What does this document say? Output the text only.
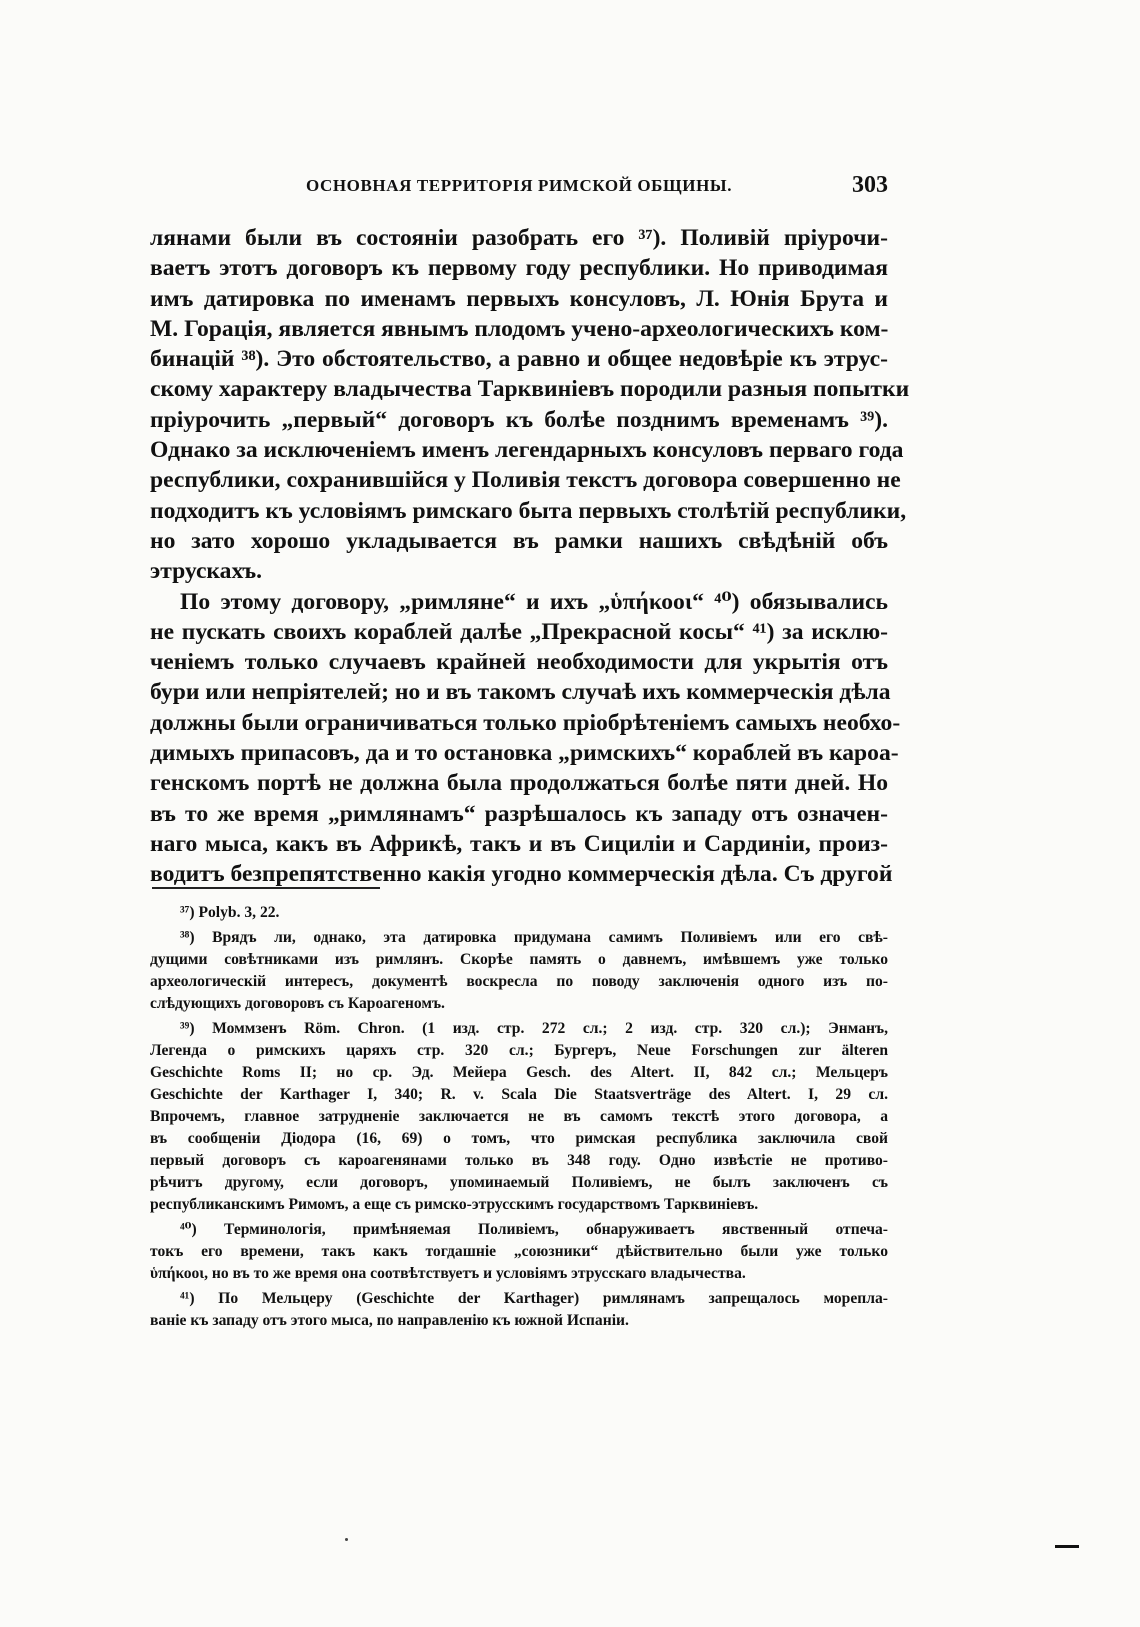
ОСНОВНАЯ ТЕРРИТОРІЯ РИМСКОЙ ОБЩИНЫ.	303
лянами были въ состояніи разобрать его ³⁷). Поливій пріурочи-
ваетъ этотъ договоръ къ первому году республики. Но приводимая
имъ датировка по именамъ первыхъ консуловъ, Л. Юнія Брута и
М. Горація, является явнымъ плодомъ учено-археологическихъ ком-
бинацій ³⁸). Это обстоятельство, а равно и общее недовѣріе къ этрус-
скому характеру владычества Тарквиніевъ породили разныя попытки
пріурочить „первый“ договоръ къ болѣе позднимъ временамъ ³⁹).
Однако за исключеніемъ именъ легендарныхъ консуловъ перваго года
республики, сохранившійся у Поливія текстъ договора совершенно не
подходитъ къ условіямъ римскаго быта первыхъ столѣтій республики,
но зато хорошо укладывается въ рамки нашихъ свѣдѣній объ
этрускахъ.
По этому договору, „римляне“ и ихъ „ὑπήκοοι“ ⁴⁰) обязывались
не пускать своихъ кораблей далѣе „Прекрасной косы“ ⁴¹) за исклю-
ченіемъ только случаевъ крайней необходимости для укрытія отъ
бури или непріятелей; но и въ такомъ случаѣ ихъ коммерческія дѣла
должны были ограничиваться только пріобрѣтеніемъ самыхъ необхо-
димыхъ припасовъ, да и то остановка „римскихъ“ кораблей въ кароа-
генскомъ портѣ не должна была продолжаться болѣе пяти дней. Но
въ то же время „римлянамъ“ разрѣшалось къ западу отъ означен-
наго мыса, какъ въ Африкѣ, такъ и въ Сициліи и Сардиніи, произ-
водитъ безпрепятственно какія угодно коммерческія дѣла. Съ другой
³⁷) Polyb. 3, 22.
³⁸) Врядъ ли, однако, эта датировка придумана самимъ Поливіемъ или его свѣ-
дущими совѣтниками изъ римлянъ. Скорѣе память о давнемъ, имѣвшемъ уже только
археологическій интересъ, документѣ воскресла по поводу заключенія одного изъ по-
слѣдующихъ договоровъ съ Кароагеномъ.
³⁹) Моммзенъ Röm. Chron. (1 изд. стр. 272 сл.; 2 изд. стр. 320 сл.); Энманъ,
Легенда о римскихъ царяхъ стр. 320 сл.; Бургеръ, Neue Forschungen zur älteren
Geschichte Roms II; но ср. Эд. Мейера Gesch. des Altert. II, 842 сл.; Мельцеръ
Geschichte der Karthager I, 340; R. v. Scala Die Staatsverträge des Altert. I, 29 сл.
Впрочемъ, главное затрудненіе заключается не въ самомъ текстѣ этого договора, а
въ сообщеніи Діодора (16, 69) о томъ, что римская республика заключила свой
первый договоръ съ кароагенянами только въ 348 году. Одно извѣстіе не противо-
рѣчитъ другому, если договоръ, упоминаемый Поливіемъ, не былъ заключенъ съ
республиканскимъ Римомъ, а еще съ римско-этрусскимъ государствомъ Тарквиніевъ.
⁴⁰) Терминологія, примѣняемая Поливіемъ, обнаруживаетъ явственный отпеча-
токъ его времени, такъ какъ тогдашніе „союзники“ дѣйствительно были уже только
ὑπήκοοι, но въ то же время она соотвѣтствуетъ и условіямъ этрусскаго владычества.
⁴¹) По Мельцеру (Geschichte der Karthager) римлянамъ запрещалось мореплa-
ваніе къ западу отъ этого мыса, по направленію къ южной Испаніи.
